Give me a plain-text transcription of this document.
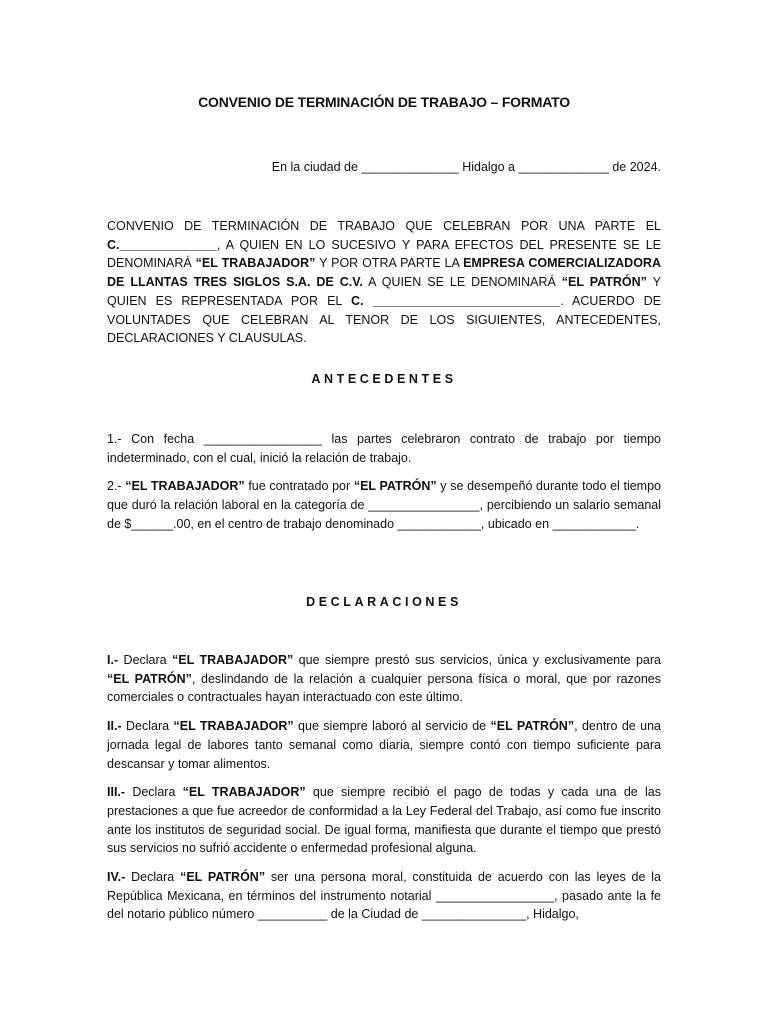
CONVENIO DE TERMINACIÓN DE TRABAJO – FORMATO

En la ciudad de ______________ Hidalgo a _____________ de 2024.

CONVENIO DE TERMINACIÓN DE TRABAJO QUE CELEBRAN POR UNA PARTE EL C.______________, A QUIEN EN LO SUCESIVO Y PARA EFECTOS DEL PRESENTE SE LE DENOMINARÁ “EL TRABAJADOR” Y POR OTRA PARTE LA EMPRESA COMERCIALIZADORA DE LLANTAS TRES SIGLOS S.A. DE C.V. A QUIEN SE LE DENOMINARÁ “EL PATRÓN” Y QUIEN ES REPRESENTADA POR EL C. ___________________________. ACUERDO DE VOLUNTADES QUE CELEBRAN AL TENOR DE LOS SIGUIENTES, ANTECEDENTES, DECLARACIONES Y CLAUSULAS.

ANTECEDENTES

1.- Con fecha _________________ las partes celebraron contrato de trabajo por tiempo indeterminado, con el cual, inició la relación de trabajo.

2.- “EL TRABAJADOR” fue contratado por “EL PATRÓN” y se desempeñó durante todo el tiempo que duró la relación laboral en la categoría de ________________, percibiendo un salario semanal de $______.00, en el centro de trabajo denominado ____________, ubicado en ____________.

DECLARACIONES

I.- Declara “EL TRABAJADOR” que siempre prestó sus servicios, única y exclusivamente para “EL PATRÓN”, deslindando de la relación a cualquier persona física o moral, que por razones comerciales o contractuales hayan interactuado con este último.

II.- Declara “EL TRABAJADOR” que siempre laboró al servicio de “EL PATRÓN”, dentro de una jornada legal de labores tanto semanal como diaria, siempre contó con tiempo suficiente para descansar y tomar alimentos.

III.- Declara “EL TRABAJADOR” que siempre recibió el pago de todas y cada una de las prestaciones a que fue acreedor de conformidad a la Ley Federal del Trabajo, así como fue inscrito ante los institutos de seguridad social. De igual forma, manifiesta que durante el tiempo que prestó sus servicios no sufrió accidente o enfermedad profesional alguna.

IV.- Declara “EL PATRÓN” ser una persona moral, constituida de acuerdo con las leyes de la República Mexicana, en términos del instrumento notarial _________________, pasado ante la fe del notario público número __________ de la Ciudad de _______________, Hidalgo,
